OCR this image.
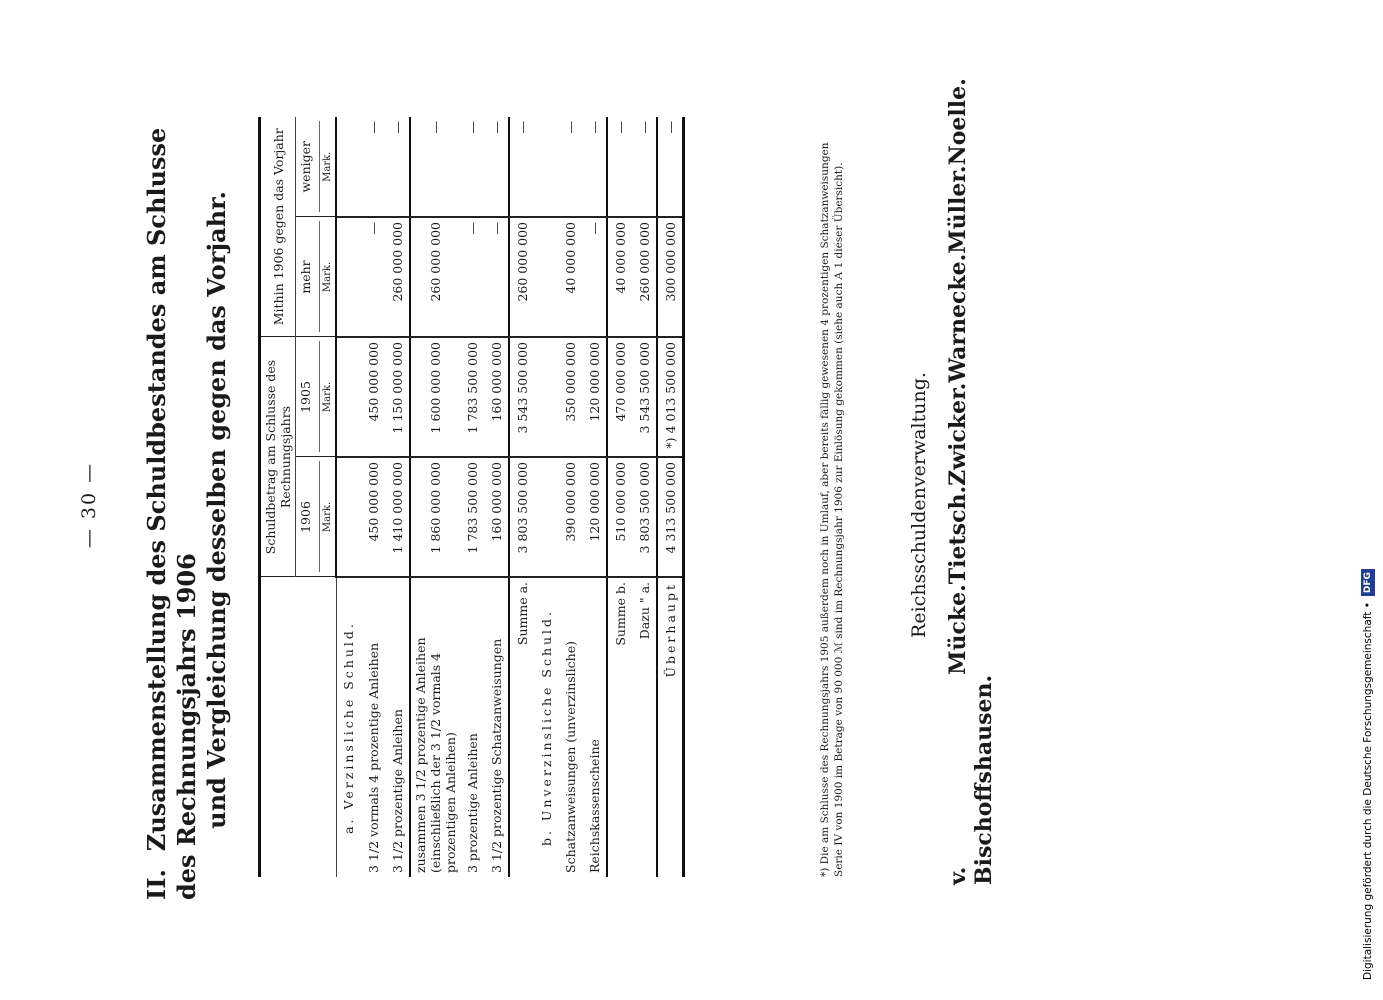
— 30 —
II.Zusammenstellung des Schuldbestandes am Schlusse des Rechnungsjahrs 1906 und Vergleichung desselben gegen das Vorjahr.
		Schuldbetrag am Schlusse des Rechnungsjahrs		Mithin 1906 gegen das Vorjahr	
	1906 Mark.	1905 Mark.	mehr Mark.	weniger Mark.

a. Verzinsliche Schuld.				
3 1/2 vormals 4 prozentige Anleihen	450 000 000	450 000 000	—	—
3 1/2 prozentige Anleihen	1 410 000 000	1 150 000 000	260 000 000	—
zusammen 3 1/2 prozentige Anleihen (einschließlich der 3 1/2 vormals 4 prozentigen Anleihen)	1 860 000 000	1 600 000 000	260 000 000	—
3 prozentige Anleihen	1 783 500 000	1 783 500 000	—	—
3 1/2 prozentige Schatzanweisungen	160 000 000	160 000 000	—	—
Summe a.	3 803 500 000	3 543 500 000	260 000 000	—
b. Unverzinsliche Schuld.				
Schatzanweisungen (unverzinsliche)	390 000 000	350 000 000	40 000 000	—
Reichskassenscheine	120 000 000	120 000 000	—	—
Summe b.	510 000 000	470 000 000	40 000 000	—
Dazu " a.	3 803 500 000	3 543 500 000	260 000 000	—
Überhaupt	4 313 500 000	*) 4 013 500 000	300 000 000	—
*) Die am Schlusse des Rechnungsjahrs 1905 außerdem noch in Umlauf, aber bereits fällig gewesenen 4 prozentigen Schatzanweisungen Serie IV von 1900 im Betrage von 90 000 ℳ sind im Rechnungsjahr 1906 zur Einlösung gekommen (siehe auch A 1 dieser Übersicht).	Reichsschuldenverwaltung.
v. Bischoffshausen.
Mücke.
Tietsch.
Zwicker.
Warnecke.
Müller.
Noelle.
Digitalisierung gefördert durch die Deutsche Forschungsgemeinschaft •
DFG
